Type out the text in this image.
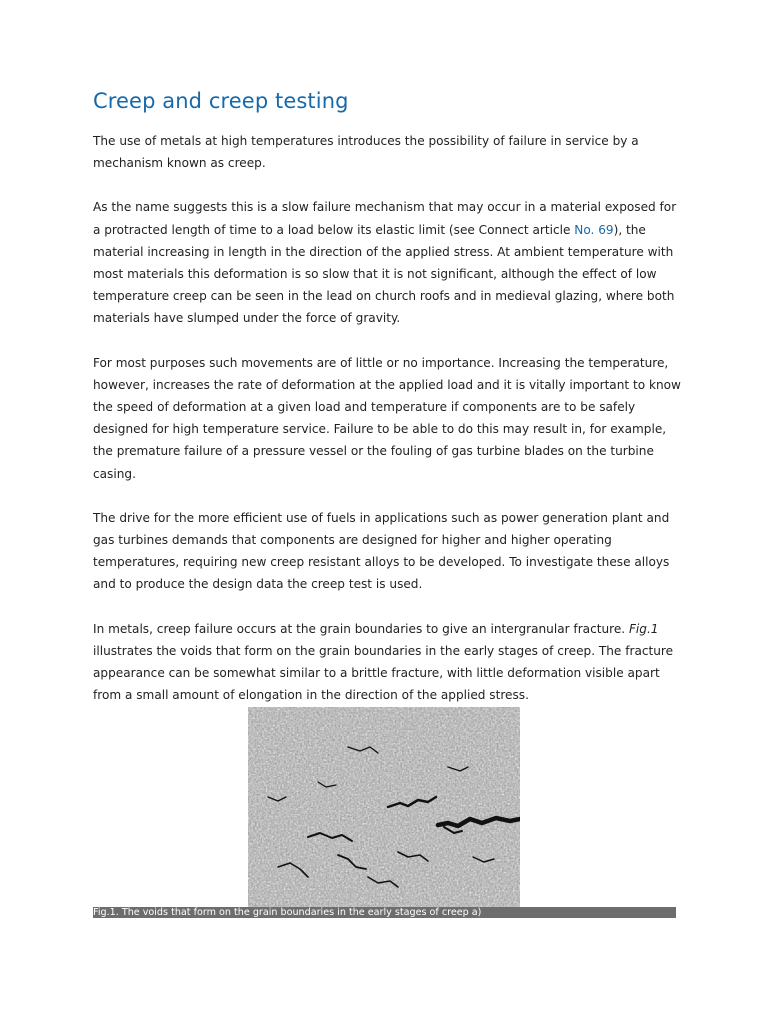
Creep and creep testing

The use of metals at high temperatures introduces the possibility of failure in service by a mechanism known as creep.

As the name suggests this is a slow failure mechanism that may occur in a material exposed for a protracted length of time to a load below its elastic limit (see Connect article No. 69), the material increasing in length in the direction of the applied stress. At ambient temperature with most materials this deformation is so slow that it is not significant, although the effect of low temperature creep can be seen in the lead on church roofs and in medieval glazing, where both materials have slumped under the force of gravity.

For most purposes such movements are of little or no importance. Increasing the temperature, however, increases the rate of deformation at the applied load and it is vitally important to know the speed of deformation at a given load and temperature if components are to be safely designed for high temperature service. Failure to be able to do this may result in, for example, the premature failure of a pressure vessel or the fouling of gas turbine blades on the turbine casing.

The drive for the more efficient use of fuels in applications such as power generation plant and gas turbines demands that components are designed for higher and higher operating temperatures, requiring new creep resistant alloys to be developed. To investigate these alloys and to produce the design data the creep test is used.

In metals, creep failure occurs at the grain boundaries to give an intergranular fracture. Fig.1 illustrates the voids that form on the grain boundaries in the early stages of creep. The fracture appearance can be somewhat similar to a brittle fracture, with little deformation visible apart from a small amount of elongation in the direction of the applied stress.

Fig.1. The voids that form on the grain boundaries in the early stages of creep a)
